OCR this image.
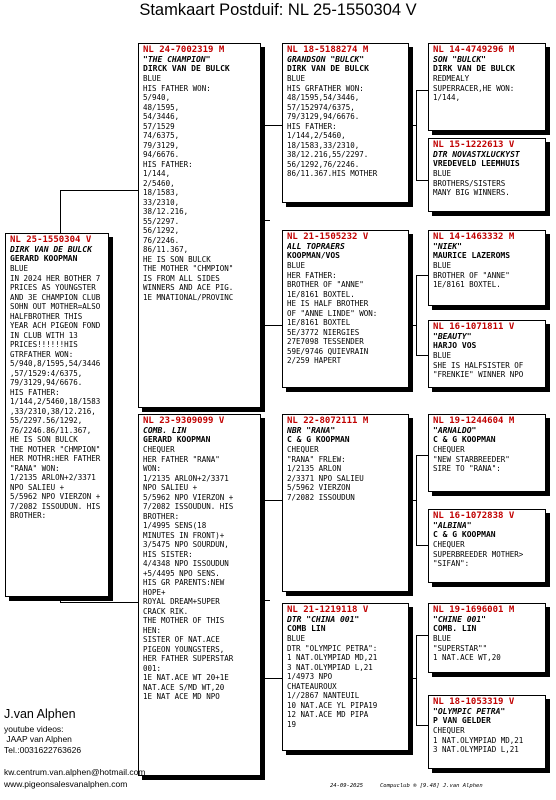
Stamkaart Postduif: NL 25-1550304 V
NL 25-1550304 V
DIRK VAN DE BULCK
GERARD KOOPMAN
BLUE
IN 2024 HER BOTHER 7
PRICES AS YOUNGSTER
AND 3E CHAMPION CLUB
SOHN OUT MOTHER=ALSO
HALFBROTHER THIS
YEAR ACH PIGEON FOND
IN CLUB WITH 13
PRICES!!!!!!HIS
GTRFATHER WON:
5/940,8/1595,54/3446
,57/1529:4/6375,
79/3129,94/6676.
HIS FATHER:
1/144,2/5460,18/1583
,33/2310,38/12.216,
55/2297.56/1292,
76/2246.86/11.367,
HE IS SON BULCK
THE MOTHER "CHMPION"
HER MOTHR:HER FATHER
"RANA" WON:
1/2135 ARLON+2/3371
NPO SALIEU +
5/5962 NPO VIERZON +
7/2082 ISSOUDUN. HIS
BROTHER:
NL 24-7002319 M
"THE CHAMPION"
DIRCK VAN DE BULCK
BLUE
HIS FATHER WON:
5/940,
48/1595,
54/3446,
57/1529
74/6375,
79/3129,
94/6676.
HIS FATHER:
1/144,
2/5460,
18/1583,
33/2310,
38/12.216,
55/2297.
56/1292,
76/2246.
86/11.367,
HE IS SON BULCK
THE MOTHER "CHMPION"
IS FROM ALL SIDES
WINNERS AND ACE PIG.
1E MNATIONAL/PROVINC
NL 23-9309099 V
COMB. LIN
GERARD KOOPMAN
CHEQUER
HER FATHER "RANA"
WON:
1/2135 ARLON+2/3371
NPO SALIEU +
5/5962 NPO VIERZON +
7/2082 ISSOUDUN. HIS
BROTHER:
1/4995 SENS(18
MINUTES IN FRONT)+
3/5475 NPO SOURDUN,
HIS SISTER:
4/4348 NPO ISSOUDUN
+5/4495 NPO SENS.
HIS GR PARENTS:NEW
HOPE+
ROYAL DREAM+SUPER
CRACK RIK.
THE MOTHER OF THIS
HEN:
SISTER OF NAT.ACE
PIGEON YOUNGSTERS,
HER FATHER SUPERSTAR
001:
1E NAT.ACE WT 20+1E
NAT.ACE S/MD WT,20
1E NAT ACE MD NPO
NL 18-5188274 M
GRANDSON "BULCK"
DIRK VAN DE BULCK
BLUE
HIS GRFATHER WON:
48/1595,54/3446,
57/152974/6375,
79/3129,94/6676.
HIS FATHER:
1/144,2/5460,
18/1583,33/2310,
38/12.216,55/2297.
56/1292,76/2246.
86/11.367.HIS MOTHER
NL 21-1505232 V
ALL TOPRAERS
KOOPMAN/VOS
BLUE
HER FATHER:
BROTHER OF "ANNE"
1E/8161 BOXTEL.
HE IS HALF BROTHER
OF "ANNE LINDE" WON:
1E/8161 BOXTEL
5E/3772 NIERGIES
27E7098 TESSENDER
59E/9746 QUIEVRAIN
2/259 HAPERT
NL 22-8072111 M
NBR "RANA"
C & G KOOPMAN
CHEQUER
"RANA" FRLEW:
1/2135 ARLON
2/3371 NPO SALIEU
5/5962 VIERZON
7/2082 ISSOUDUN
NL 21-1219118 V
DTR "CHINA 001"
COMB LIN
BLUE
DTR "OLYMPIC PETRA":
1 NAT.OLYMPIAD MD,21
3 NAT.OLYMPIAD L,21
1/4973 NPO
CHATEAUROUX
1//2867 NANTEUIL
10 NAT.ACE YL PIPA19
12 NAT.ACE MD PIPA
19
NL 14-4749296 M
SON "BULCK"
DIRK VAN DE BULCK
REDMEALY
SUPERRACER,HE WON:
1/144,
NL 15-1222613 V
DTR NOVASTXLUCKYST
VREDEVELD LEEMHUIS
BLUE
BROTHERS/SISTERS
MANY BIG WINNERS.
NL 14-1463332 M
"NIEK"
MAURICE LAZEROMS
BLUE
BROTHER OF "ANNE"
1E/8161 BOXTEL.
NL 16-1071811 V
"BEAUTY"
HARJO VOS
BLUE
SHE IS HALFSISTER OF
"FRENKIE" WINNER NPO
NL 19-1244604 M
"ARNALDO"
C & G KOOPMAN
CHEQUER
"NEW STARBREEDER"
SIRE TO "RANA":
NL 16-1072838 V
"ALBINA"
C & G KOOPMAN
CHEQUER
SUPERBREEDER MOTHER>
"SIFAN":
NL 19-1696001 M
"CHINE 001"
COMB. LIN
BLUE
"SUPERSTAR""
1 NAT.ACE WT,20
NL 18-1053319 V
"OLYMPIC PETRA"
P VAN GELDER
CHEQUER
1 NAT.OLYMPIAD MD,21
3 NAT.OLYMPIAD L,21
J.van Alphen
youtube videos:
JAAP van Alphen
Tel.:0031622763626
kw.centrum.van.alphen@hotmail.com
www.pigeonsalesvanalphen.com	24-09-2025	Compuclub ® [9.48] J.van Alphen
